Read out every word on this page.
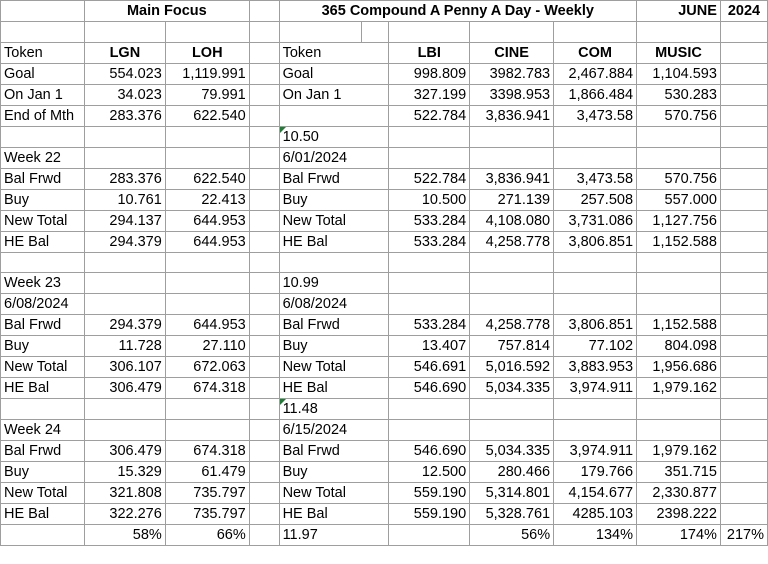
	Main Focus			365 Compound A Penny A Day - Weekly					JUNE	2024

Token	LGN	LOH		Token		LBI	CINE	COM	MUSIC	
Goal	554.023	1,119.991		Goal		998.809	3982.783	2,467.884	1,104.593	
On Jan 1	34.023	79.991		On Jan 1		327.199	3398.953	1,866.484	530.283	
End of Mth	283.376	622.540				522.784	3,836.941	3,473.58	570.756	
				10.50						
Week 22				6/01/2024						
Bal Frwd	283.376	622.540		Bal Frwd		522.784	3,836.941	3,473.58	570.756	
Buy	10.761	22.413		Buy		10.500	271.139	257.508	557.000	
New Total	294.137	644.953		New Total		533.284	4,108.080	3,731.086	1,127.756	
HE Bal	294.379	644.953		HE Bal		533.284	4,258.778	3,806.851	1,152.588	

Week 23				10.99						
6/08/2024				6/08/2024						
Bal Frwd	294.379	644.953		Bal Frwd		533.284	4,258.778	3,806.851	1,152.588	
Buy	11.728	27.110		Buy		13.407	757.814	77.102	804.098	
New Total	306.107	672.063		New Total		546.691	5,016.592	3,883.953	1,956.686	
HE Bal	306.479	674.318		HE Bal		546.690	5,034.335	3,974.911	1,979.162	
				11.48						
Week 24				6/15/2024						
Bal Frwd	306.479	674.318		Bal Frwd		546.690	5,034.335	3,974.911	1,979.162	
Buy	15.329	61.479		Buy		12.500	280.466	179.766	351.715	
New Total	321.808	735.797		New Total		559.190	5,314.801	4,154.677	2,330.877	
HE Bal	322.276	735.797		HE Bal		559.190	5,328.761	4285.103	2398.222	
	58%	66%		11.97			56%	134%	174%	217%
